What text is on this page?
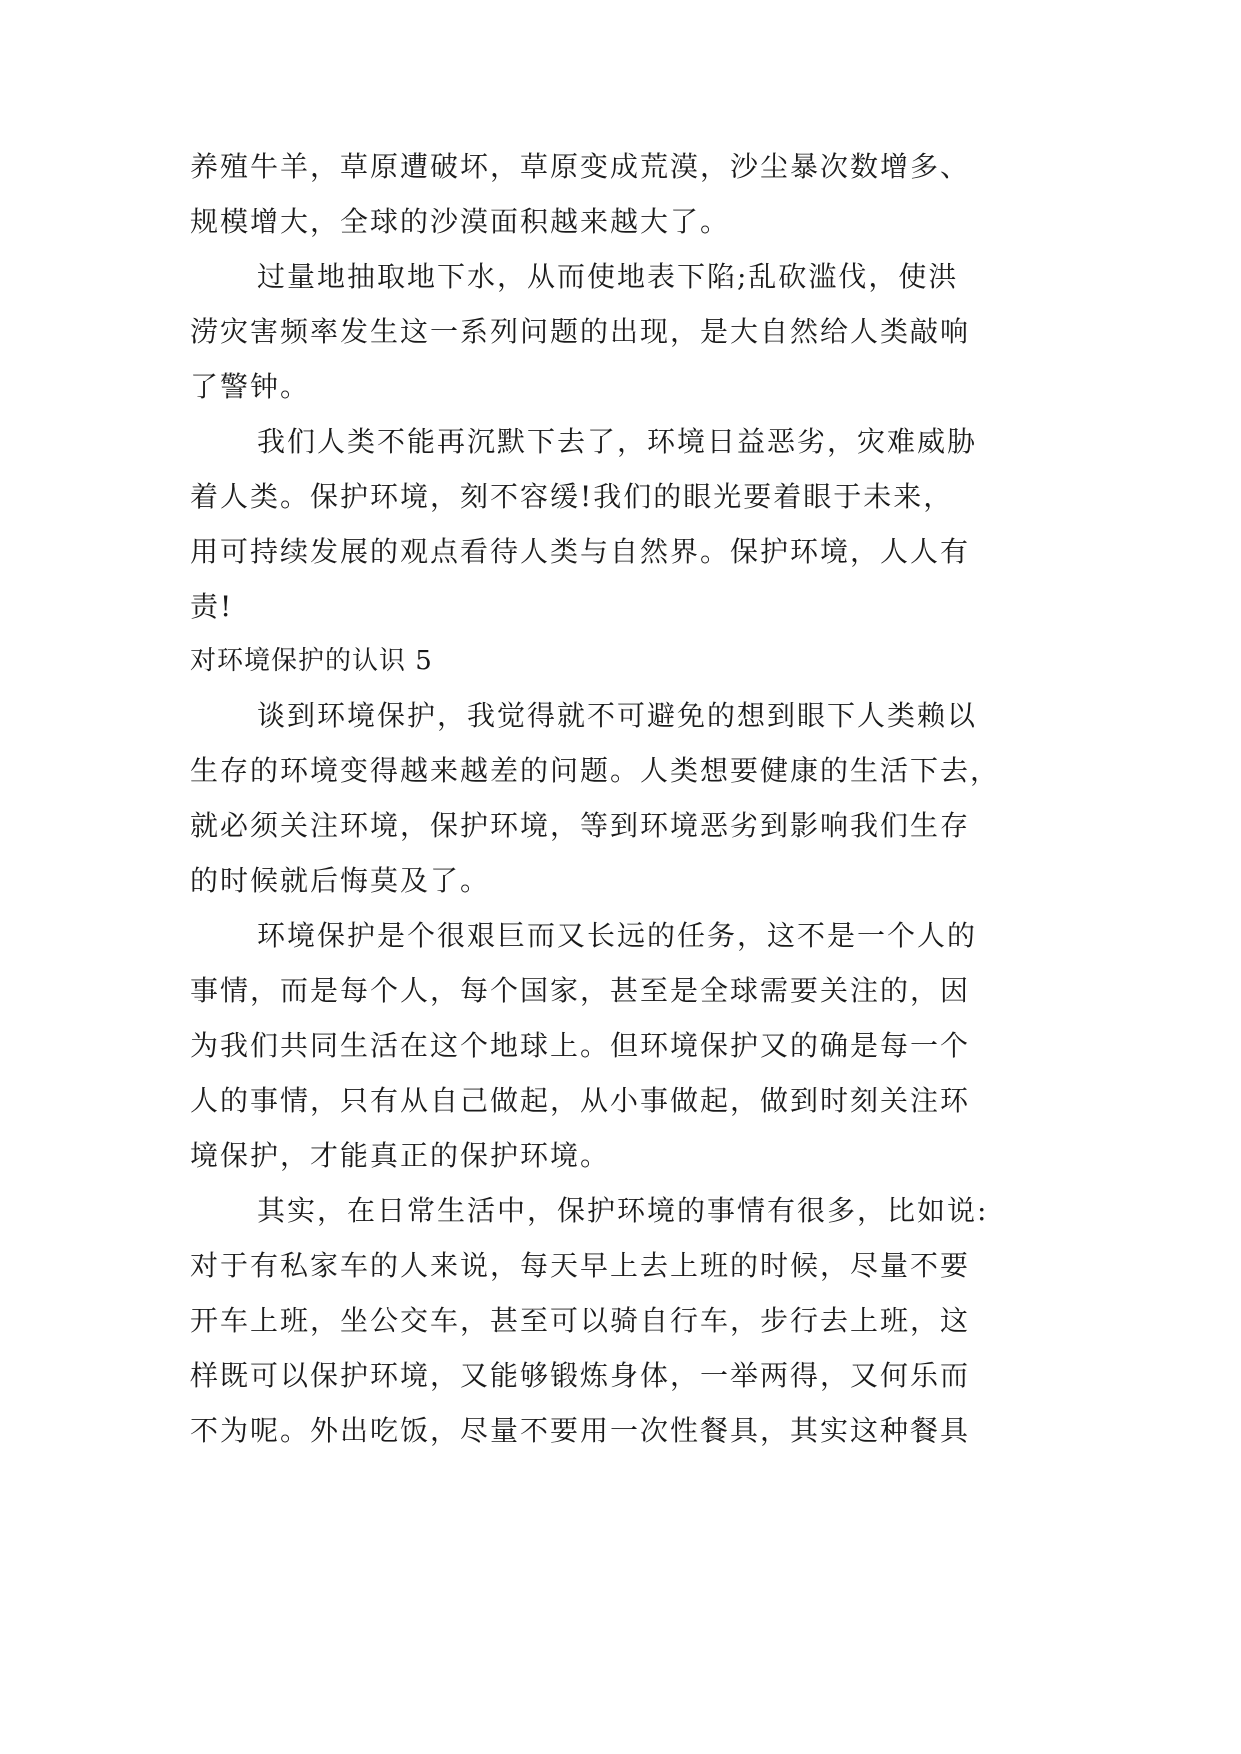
养殖牛羊，草原遭破坏，草原变成荒漠，沙尘暴次数增多、
规模增大，全球的沙漠面积越来越大了。
过量地抽取地下水，从而使地表下陷;乱砍滥伐，使洪
涝灾害频率发生这一系列问题的出现，是大自然给人类敲响
了警钟。
我们人类不能再沉默下去了，环境日益恶劣，灾难威胁
着人类。保护环境，刻不容缓!我们的眼光要着眼于未来，
用可持续发展的观点看待人类与自然界。保护环境，人人有
责!
对环境保护的认识 5
谈到环境保护，我觉得就不可避免的想到眼下人类赖以
生存的环境变得越来越差的问题。人类想要健康的生活下去，
就必须关注环境，保护环境，等到环境恶劣到影响我们生存
的时候就后悔莫及了。
环境保护是个很艰巨而又长远的任务，这不是一个人的
事情，而是每个人，每个国家，甚至是全球需要关注的，因
为我们共同生活在这个地球上。但环境保护又的确是每一个
人的事情，只有从自己做起，从小事做起，做到时刻关注环
境保护，才能真正的保护环境。
其实，在日常生活中，保护环境的事情有很多，比如说:
对于有私家车的人来说，每天早上去上班的时候，尽量不要
开车上班，坐公交车，甚至可以骑自行车，步行去上班，这
样既可以保护环境，又能够锻炼身体，一举两得，又何乐而
不为呢。外出吃饭，尽量不要用一次性餐具，其实这种餐具
